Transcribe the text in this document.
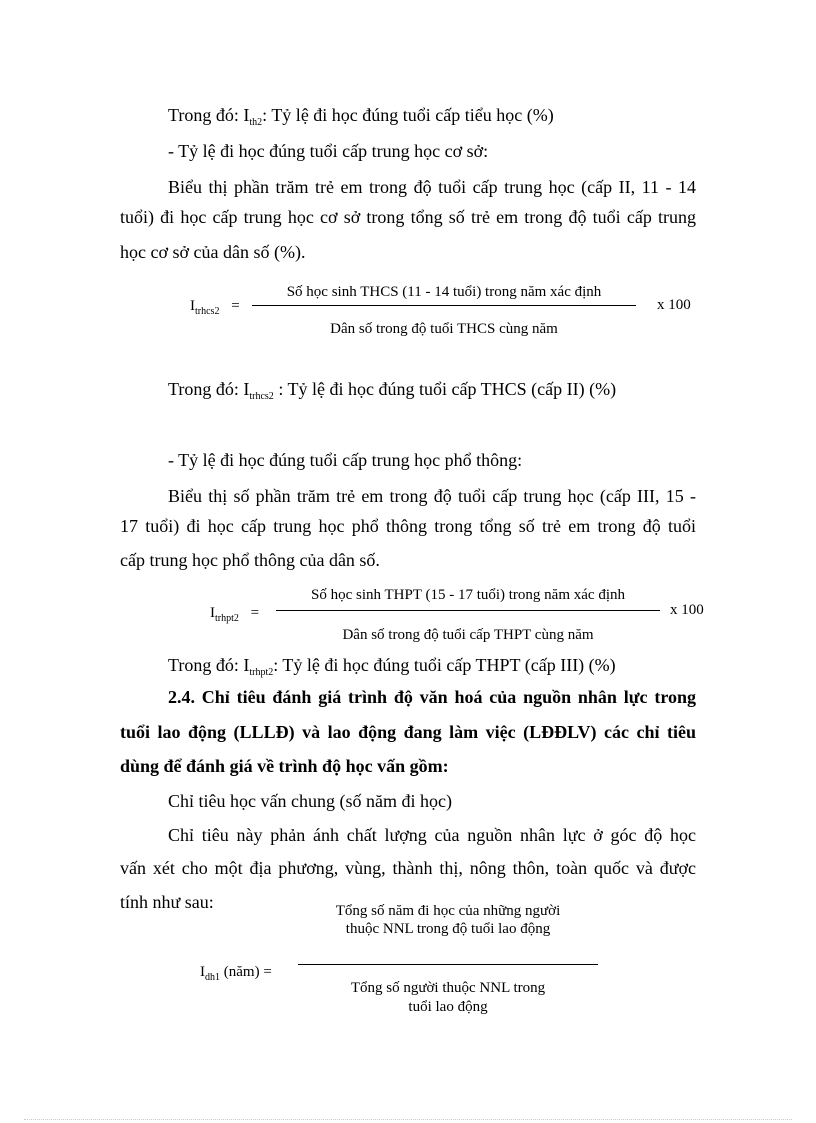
Trong đó: $I_{th2}$: Tỷ lệ đi học đúng tuổi cấp tiểu học (%)
- Tỷ lệ đi học đúng tuổi cấp trung học cơ sở:
Biểu thị phần trăm trẻ em trong độ tuổi cấp trung học (cấp II, 11 - 14
tuổi) đi học cấp trung học cơ sở trong tổng số trẻ em trong độ tuổi cấp trung
học cơ sở của dân số (%).
$I_{trhcs2}$ =
Số học sinh THCS (11 - 14 tuổi) trong năm xác định
Dân số trong độ tuổi THCS cùng năm
x 100
Trong đó: $I_{trhcs2}$ : Tỷ lệ đi học đúng tuổi cấp THCS (cấp II) (%)
- Tỷ lệ đi học đúng tuổi cấp trung học phổ thông:
Biểu thị số phần trăm trẻ em trong độ tuổi cấp trung học (cấp III, 15 -
17 tuổi) đi học cấp trung học phổ thông trong tổng số trẻ em trong độ tuổi
cấp trung học phổ thông của dân số.
$I_{trhpt2}$ =
Số học sinh THPT (15 - 17 tuổi) trong năm xác định
Dân số trong độ tuổi cấp THPT cùng năm
x 100
Trong đó: $I_{trhpt2}$: Tỷ lệ đi học đúng tuổi cấp THPT (cấp III) (%)
2.4. Chỉ tiêu đánh giá trình độ văn hoá của nguồn nhân lực trong
tuổi lao động (LLLĐ) và lao động đang làm việc (LĐĐLV) các chỉ tiêu
dùng để đánh giá về trình độ học vấn gồm:
Chỉ tiêu học vấn chung (số năm đi học)
Chỉ tiêu này phản ánh chất lượng của nguồn nhân lực ở góc độ học
vấn xét cho một địa phương, vùng, thành thị, nông thôn, toàn quốc và được
tính như sau:	Tổng số năm đi học của những người
thuộc NNL trong độ tuổi lao động
$I_{dh1}$ (năm) =
Tổng số người thuộc NNL trong
tuổi lao động
